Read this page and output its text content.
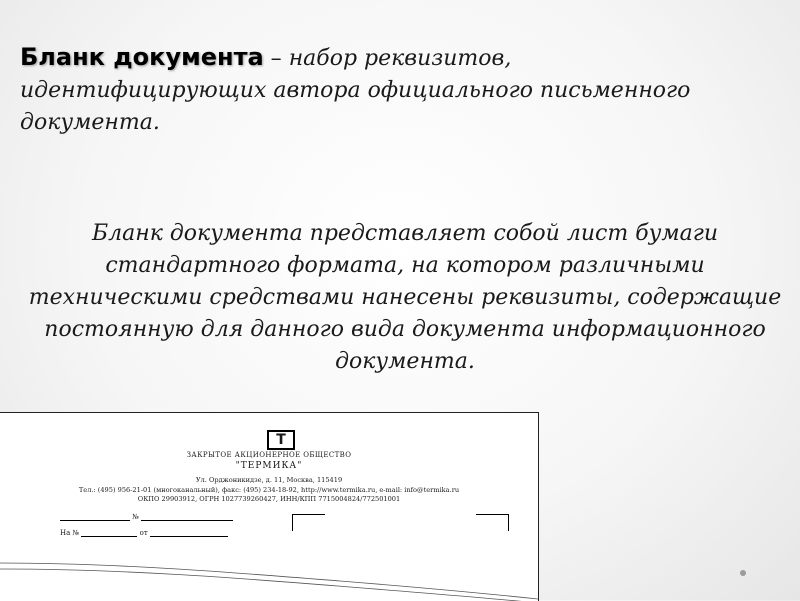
Бланк документа – набор реквизитов, идентифицирующих автора официального письменного документа.
Бланк документа представляет собой лист бумаги стандартного формата, на котором различными техническими средствами нанесены реквизиты, содержащие постоянную для данного вида документа информационного документа.
T
ЗАКРЫТОЕ АКЦИОНЕРНОЕ ОБЩЕСТВО
"ТЕРМИКА"
Ул. Орджоникидзе, д. 11, Москва, 115419
Тел.: (495) 956-21-01 (многоканальный), факс: (495) 234-18-92, http://www.termika.ru, e-mail: info@termika.ru
ОКПО 29903912, ОГРН 1027739260427, ИНН/КПП 7715004824/772501001
№
На №	от
